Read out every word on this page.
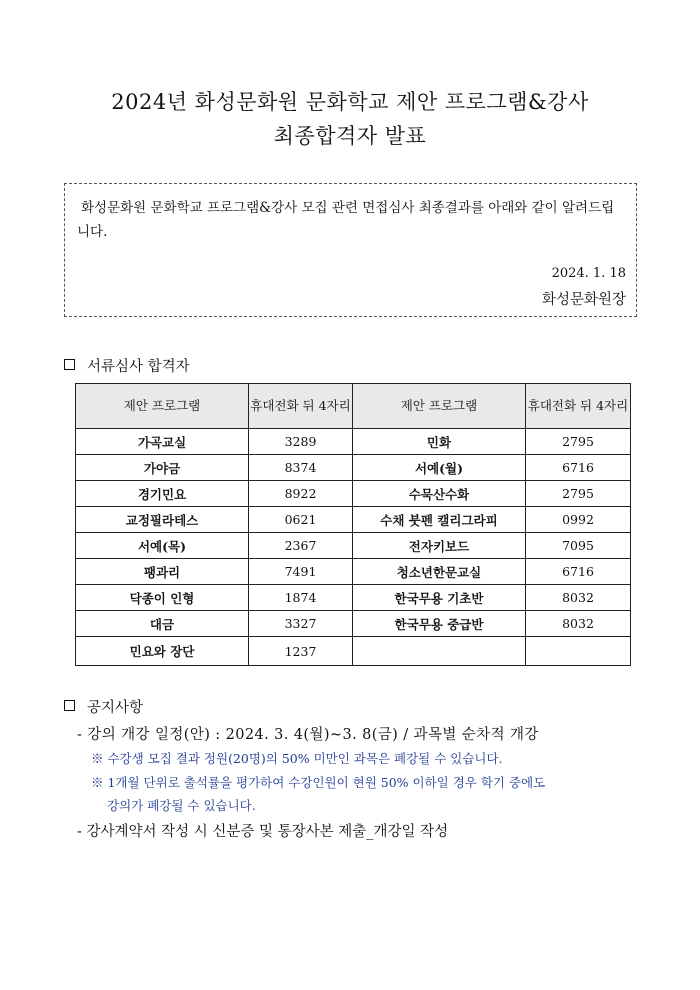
2024년 화성문화원 문화학교 제안 프로그램&강사
최종합격자 발표
화성문화원 문화학교 프로그램&강사 모집 관련 면접심사 최종결과를 아래와 같이 알려드립니다.
2024. 1. 18
화성문화원장
서류심사 합격자
제안 프로그램	휴대전화 뒤 4자리	제안 프로그램	휴대전화 뒤 4자리
가곡교실	3289	민화	2795
가야금	8374	서예(월)	6716
경기민요	8922	수묵산수화	2795
교정필라테스	0621	수채 붓펜 캘리그라피	0992
서예(목)	2367	전자키보드	7095
팽과리	7491	청소년한문교실	6716
닥종이 인형	1874	한국무용 기초반	8032
대금	3327	한국무용 중급반	8032
민요와 장단	1237		
공지사항
- 강의 개강 일정(안) : 2024. 3. 4(월)~3. 8(금) / 과목별 순차적 개강
※ 수강생 모집 결과 정원(20명)의 50% 미만인 과목은 폐강될 수 있습니다.
※ 1개월 단위로 출석률을 평가하여 수강인원이 현원 50% 이하일 경우 학기 중에도
강의가 폐강될 수 있습니다.
- 강사계약서 작성 시 신분증 및 통장사본 제출_개강일 작성
